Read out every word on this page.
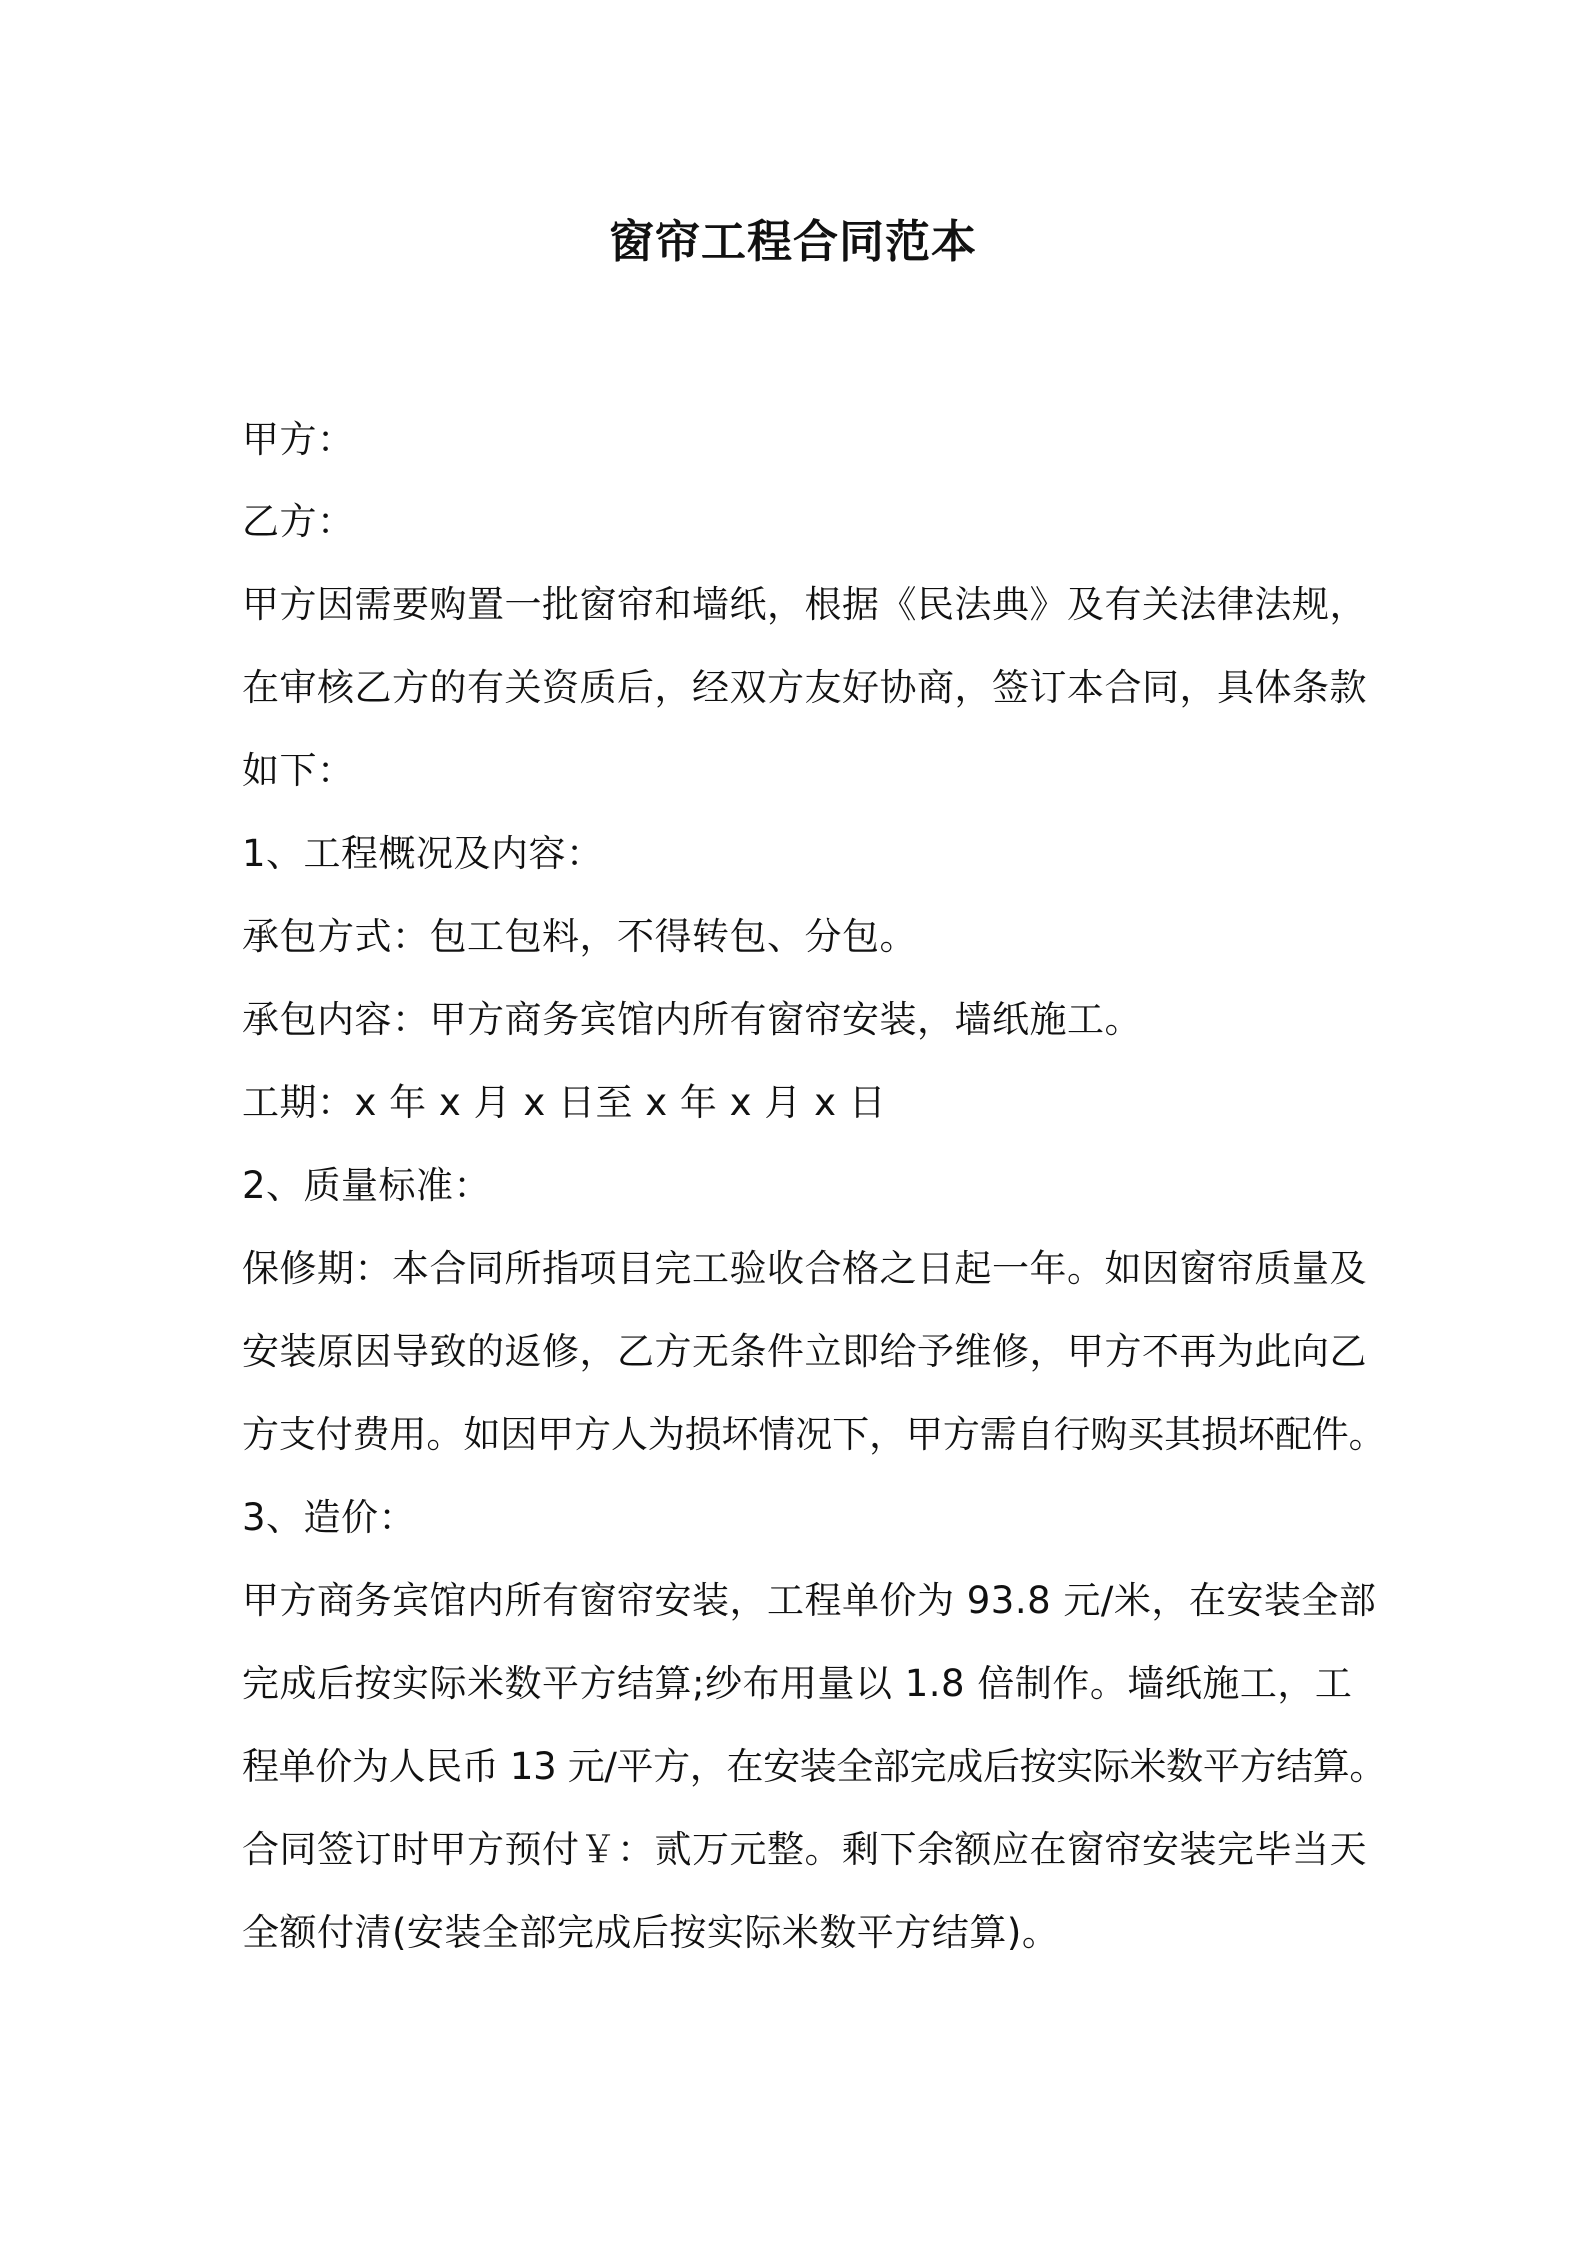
窗帘工程合同范本

甲方：

乙方：

甲方因需要购置一批窗帘和墙纸，根据《民法典》及有关法律法规，

在审核乙方的有关资质后，经双方友好协商，签订本合同，具体条款

如下：

1、工程概况及内容：

承包方式：包工包料，不得转包、分包。

承包内容：甲方商务宾馆内所有窗帘安装，墙纸施工。

工期：x 年 x 月 x 日至 x 年 x 月 x 日

2、质量标准：

保修期：本合同所指项目完工验收合格之日起一年。如因窗帘质量及

安装原因导致的返修，乙方无条件立即给予维修，甲方不再为此向乙

方支付费用。如因甲方人为损坏情况下，甲方需自行购买其损坏配件。

3、造价：

甲方商务宾馆内所有窗帘安装，工程单价为 93.8 元/米，在安装全部

完成后按实际米数平方结算;纱布用量以 1.8 倍制作。墙纸施工，工

程单价为人民币 13 元/平方，在安装全部完成后按实际米数平方结算。

合同签订时甲方预付￥：贰万元整。剩下余额应在窗帘安装完毕当天

全额付清(安装全部完成后按实际米数平方结算)。
